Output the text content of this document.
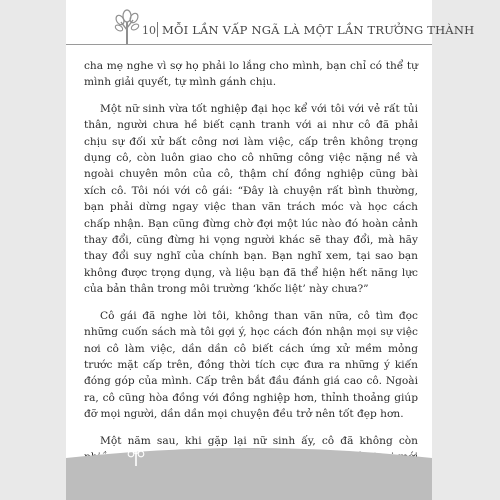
10 MỖI LẦN VẤP NGÃ LÀ MỘT LẦN TRƯỞNG THÀNH

cha mẹ nghe vì sợ họ phải lo lắng cho mình, bạn chỉ có thể tự mình giải quyết, tự mình gánh chịu.

Một nữ sinh vừa tốt nghiệp đại học kể với tôi với vẻ rất tủi thân, người chưa hề biết cạnh tranh với ai như cô đã phải chịu sự đối xử bất công nơi làm việc, cấp trên không trọng dụng cô, còn luôn giao cho cô những công việc nặng nề và ngoài chuyên môn của cô, thậm chí đồng nghiệp cũng bài xích cô. Tôi nói với cô gái: “Đây là chuyện rất bình thường, bạn phải dừng ngay việc than vãn trách móc và học cách chấp nhận. Bạn cũng đừng chờ đợi một lúc nào đó hoàn cảnh thay đổi, cũng đừng hi vọng người khác sẽ thay đổi, mà hãy thay đổi suy nghĩ của chính bạn. Bạn nghĩ xem, tại sao bạn không được trọng dụng, và liệu bạn đã thể hiện hết năng lực của bản thân trong môi trường ‘khốc liệt’ này chưa?”

Cô gái đã nghe lời tôi, không than vãn nữa, cô tìm đọc những cuốn sách mà tôi gợi ý, học cách đón nhận mọi sự việc nơi cô làm việc, dần dần cô biết cách ứng xử mềm mỏng trước mặt cấp trên, đồng thời tích cực đưa ra những ý kiến đóng góp của mình. Cấp trên bắt đầu đánh giá cao cô. Ngoài ra, cô cũng hòa đồng với đồng nghiệp hơn, thỉnh thoảng giúp đỡ mọi người, dần dần mọi chuyện đều trở nên tốt đẹp hơn.

Một năm sau, khi gặp lại nữ sinh ấy, cô đã không còn
